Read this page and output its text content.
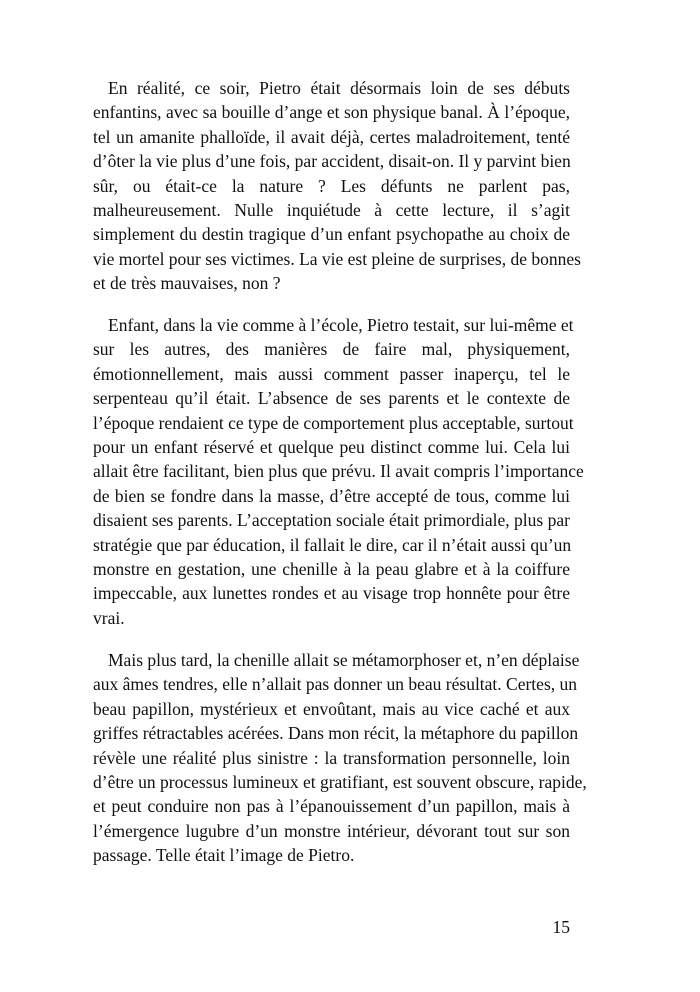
En réalité, ce soir, Pietro était désormais loin de ses débuts
enfantins, avec sa bouille d’ange et son physique banal. À l’époque,
tel un amanite phalloïde, il avait déjà, certes maladroitement, tenté
d’ôter la vie plus d’une fois, par accident, disait-on. Il y parvint bien
sûr, ou était-ce la nature ? Les défunts ne parlent pas,
malheureusement. Nulle inquiétude à cette lecture, il s’agit
simplement du destin tragique d’un enfant psychopathe au choix de
vie mortel pour ses victimes. La vie est pleine de surprises, de bonnes
et de très mauvaises, non ?
Enfant, dans la vie comme à l’école, Pietro testait, sur lui-même et
sur les autres, des manières de faire mal, physiquement,
émotionnellement, mais aussi comment passer inaperçu, tel le
serpenteau qu’il était. L’absence de ses parents et le contexte de
l’époque rendaient ce type de comportement plus acceptable, surtout
pour un enfant réservé et quelque peu distinct comme lui. Cela lui
allait être facilitant, bien plus que prévu. Il avait compris l’importance
de bien se fondre dans la masse, d’être accepté de tous, comme lui
disaient ses parents. L’acceptation sociale était primordiale, plus par
stratégie que par éducation, il fallait le dire, car il n’était aussi qu’un
monstre en gestation, une chenille à la peau glabre et à la coiffure
impeccable, aux lunettes rondes et au visage trop honnête pour être
vrai.
Mais plus tard, la chenille allait se métamorphoser et, n’en déplaise
aux âmes tendres, elle n’allait pas donner un beau résultat. Certes, un
beau papillon, mystérieux et envoûtant, mais au vice caché et aux
griffes rétractables acérées. Dans mon récit, la métaphore du papillon
révèle une réalité plus sinistre : la transformation personnelle, loin
d’être un processus lumineux et gratifiant, est souvent obscure, rapide,
et peut conduire non pas à l’épanouissement d’un papillon, mais à
l’émergence lugubre d’un monstre intérieur, dévorant tout sur son
passage. Telle était l’image de Pietro.
15
